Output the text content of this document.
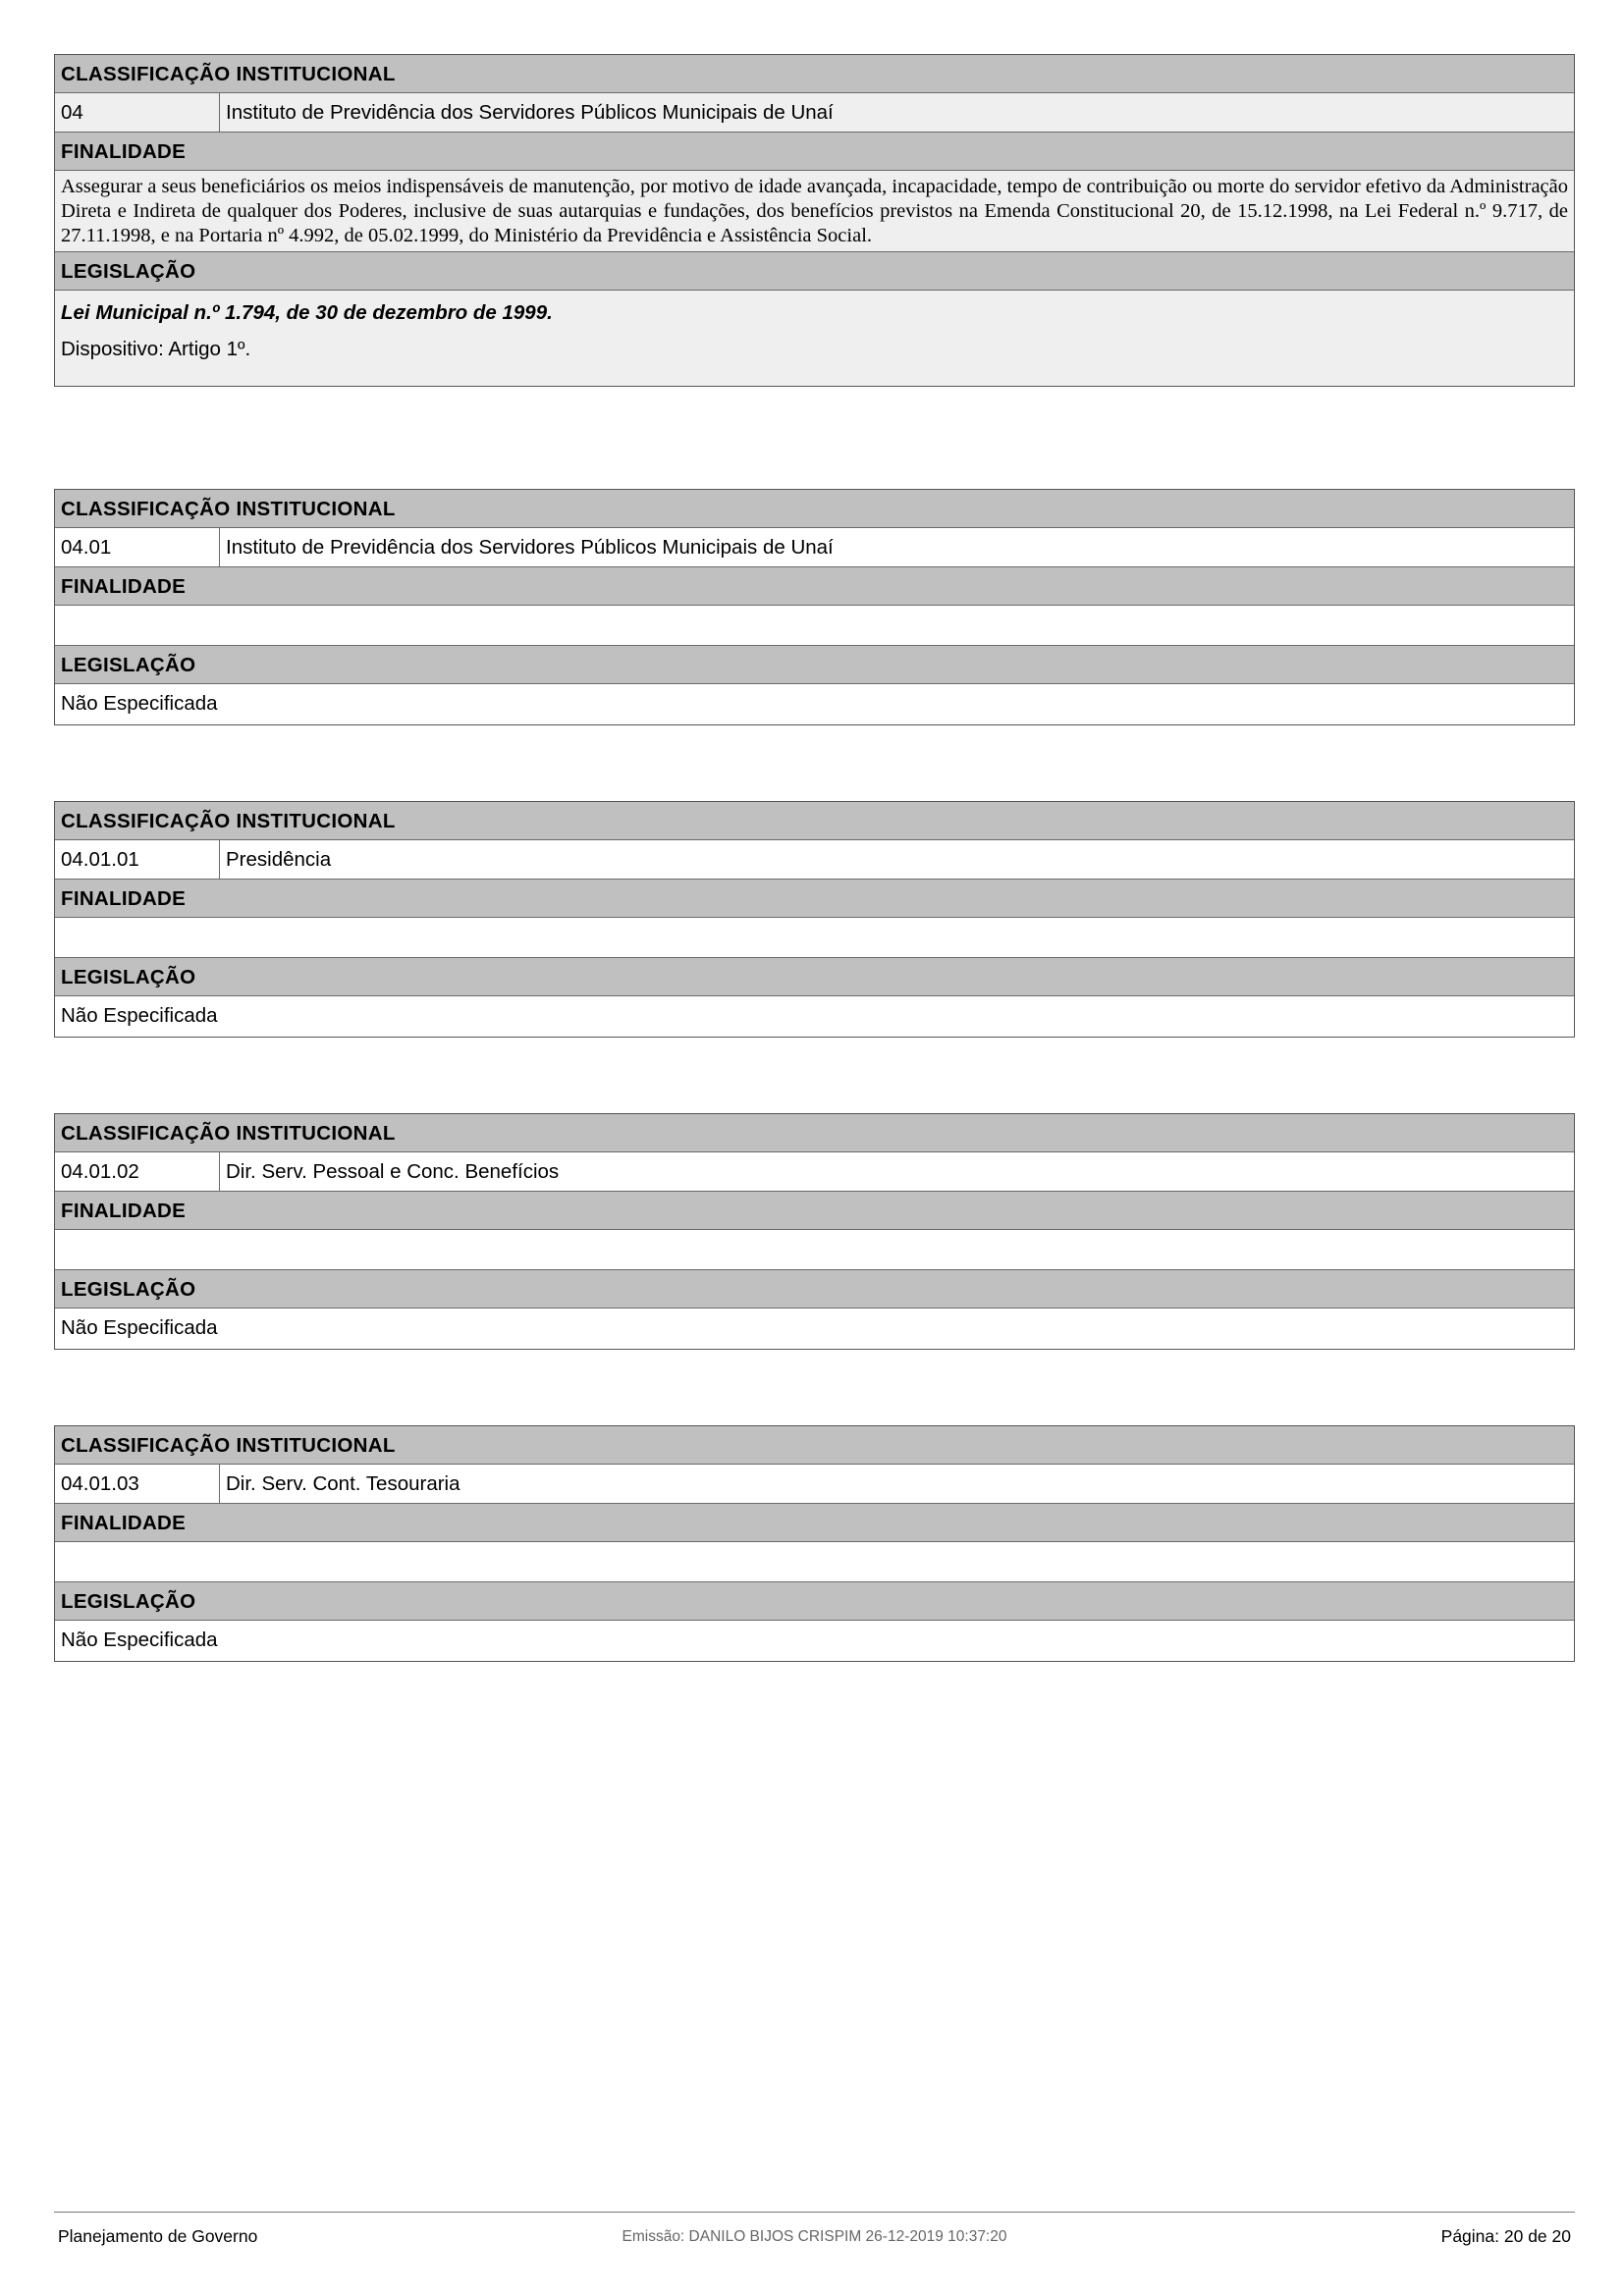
CLASSIFICAÇÃO INSTITUCIONAL
04	Instituto de Previdência dos Servidores Públicos Municipais de Unaí
FINALIDADE
Assegurar a seus beneficiários os meios indispensáveis de manutenção, por motivo de idade avançada, incapacidade, tempo de contribuição ou morte do servidor efetivo da Administração Direta e Indireta de qualquer dos Poderes, inclusive de suas autarquias e fundações, dos benefícios previstos na Emenda Constitucional 20, de 15.12.1998, na Lei Federal n.º 9.717, de 27.11.1998, e na Portaria nº 4.992, de 05.02.1999, do Ministério da Previdência e Assistência Social.
LEGISLAÇÃO
Lei Municipal n.º 1.794, de 30 de dezembro de 1999.
Dispositivo: Artigo 1º.
CLASSIFICAÇÃO INSTITUCIONAL
04.01	Instituto de Previdência dos Servidores Públicos Municipais de Unaí
FINALIDADE
LEGISLAÇÃO
Não Especificada
CLASSIFICAÇÃO INSTITUCIONAL
04.01.01	Presidência
FINALIDADE
LEGISLAÇÃO
Não Especificada
CLASSIFICAÇÃO INSTITUCIONAL
04.01.02	Dir. Serv. Pessoal e Conc. Benefícios
FINALIDADE
LEGISLAÇÃO
Não Especificada
CLASSIFICAÇÃO INSTITUCIONAL
04.01.03	Dir. Serv. Cont. Tesouraria
FINALIDADE
LEGISLAÇÃO
Não Especificada
Emissão: DANILO BIJOS CRISPIM 26-12-2019 10:37:20
Planejamento de Governo	Página: 20 de 20
